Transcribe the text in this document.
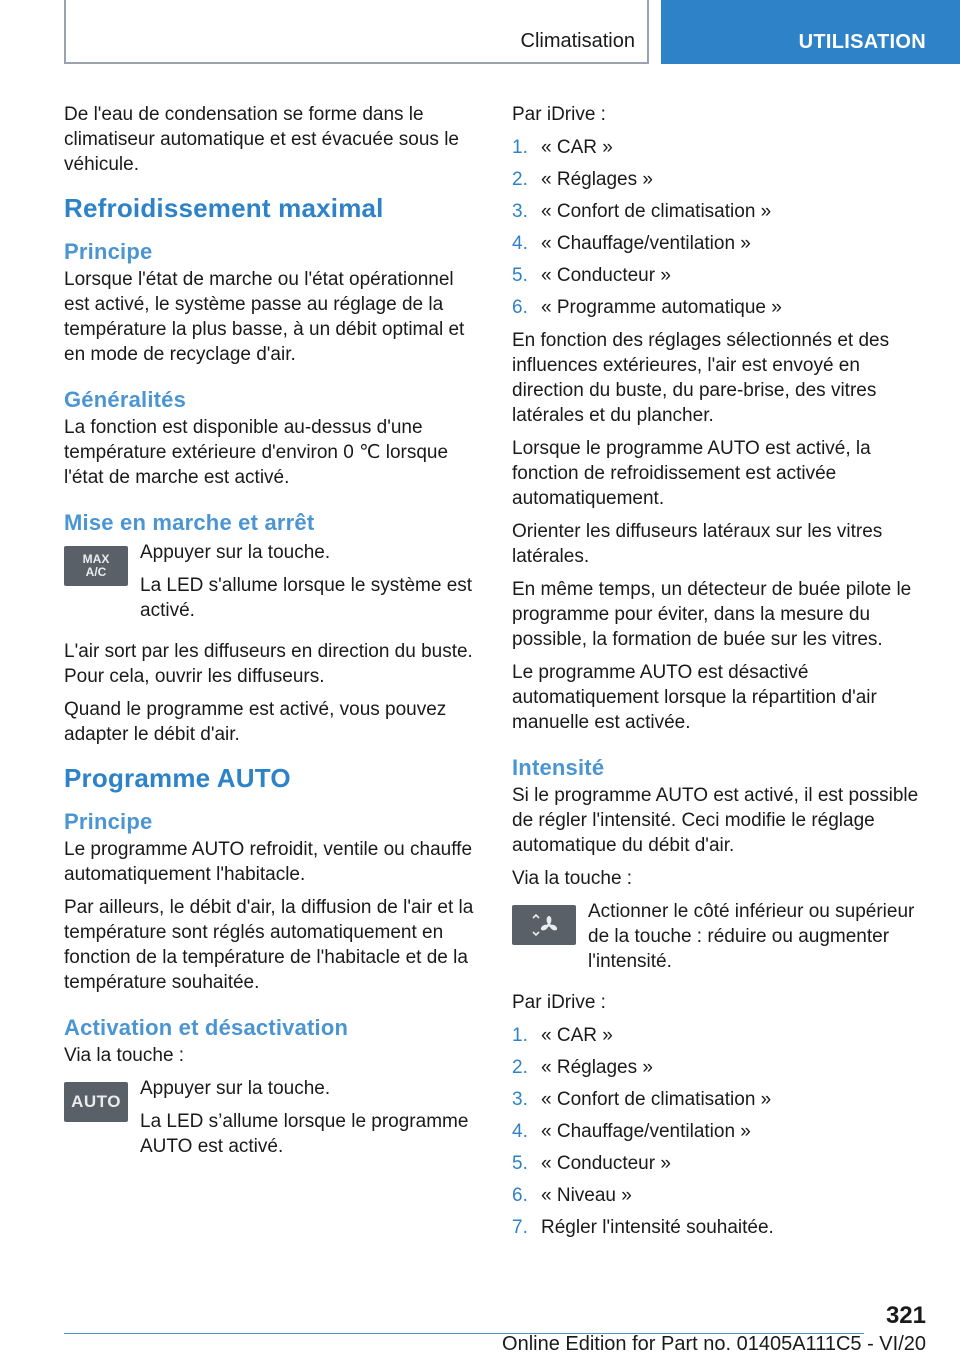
Climatisation	UTILISATION

De l'eau de condensation se forme dans le climatiseur automatique et est évacuée sous le véhicule.

Refroidissement maximal
Principe

Lorsque l'état de marche ou l'état opérationnel est activé, le système passe au réglage de la température la plus basse, à un débit optimal et en mode de recyclage d'air.

Généralités

La fonction est disponible au-dessus d'une température extérieure d'environ 0 ℃ lorsque l'état de marche est activé.

Mise en marche et arrêt
MAX
A/C

Appuyer sur la touche.

La LED s'allume lorsque le système est activé.

L'air sort par les diffuseurs en direction du buste. Pour cela, ouvrir les diffuseurs.

Quand le programme est activé, vous pouvez adapter le débit d'air.

Programme AUTO
Principe

Le programme AUTO refroidit, ventile ou chauffe automatiquement l'habitacle.

Par ailleurs, le débit d'air, la diffusion de l'air et la température sont réglés automatiquement en fonction de la température de l'habitacle et de la température souhaitée.

Activation et désactivation

Via la touche :

AUTO

Appuyer sur la touche.

La LED s’allume lorsque le programme AUTO est activé.

Par iDrive :

1. « CAR »
2. « Réglages »
3. « Confort de climatisation »
4. « Chauffage/ventilation »
5. « Conducteur »
6. « Programme automatique »

En fonction des réglages sélectionnés et des influences extérieures, l'air est envoyé en direction du buste, du pare-brise, des vitres latérales et du plancher.

Lorsque le programme AUTO est activé, la fonction de refroidissement est activée automatiquement.

Orienter les diffuseurs latéraux sur les vitres latérales.

En même temps, un détecteur de buée pilote le programme pour éviter, dans la mesure du possible, la formation de buée sur les vitres.

Le programme AUTO est désactivé automatiquement lorsque la répartition d'air manuelle est activée.

Intensité

Si le programme AUTO est activé, il est possible de régler l'intensité. Ceci modifie le réglage automatique du débit d'air.

Via la touche :

Actionner le côté inférieur ou supérieur de la touche : réduire ou augmenter l'intensité.

Par iDrive :

1. « CAR »
2. « Réglages »
3. « Confort de climatisation »
4. « Chauffage/ventilation »
5. « Conducteur »
6. « Niveau »
7. Régler l'intensité souhaitée.
321
Online Edition for Part no. 01405A111C5 - VI/20
